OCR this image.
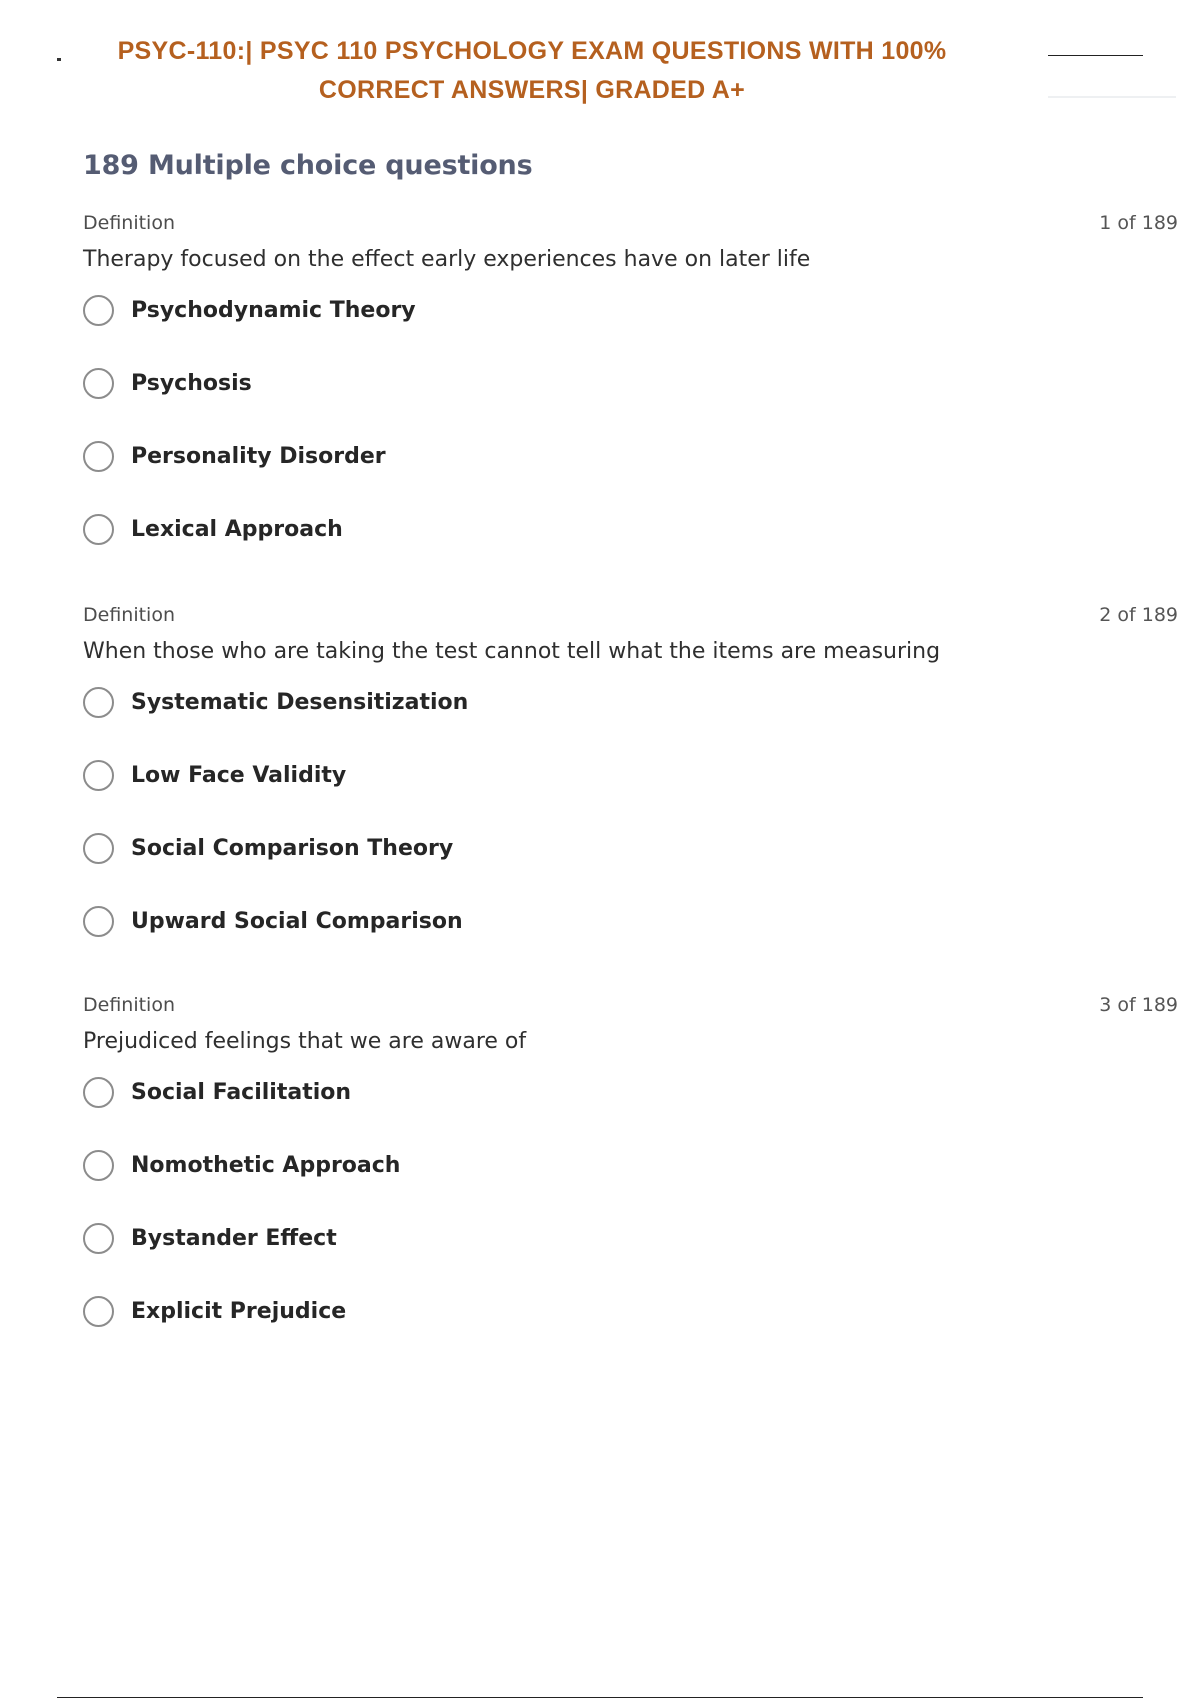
PSYC-110:| PSYC 110 PSYCHOLOGY EXAM QUESTIONS WITH 100% CORRECT ANSWERS| GRADED A+
189 Multiple choice questions
Definition	1 of 189
Therapy focused on the effect early experiences have on later life
Psychodynamic Theory
Psychosis
Personality Disorder
Lexical Approach
Definition	2 of 189
When those who are taking the test cannot tell what the items are measuring
Systematic Desensitization
Low Face Validity
Social Comparison Theory
Upward Social Comparison
Definition	3 of 189
Prejudiced feelings that we are aware of
Social Facilitation
Nomothetic Approach
Bystander Effect
Explicit Prejudice
